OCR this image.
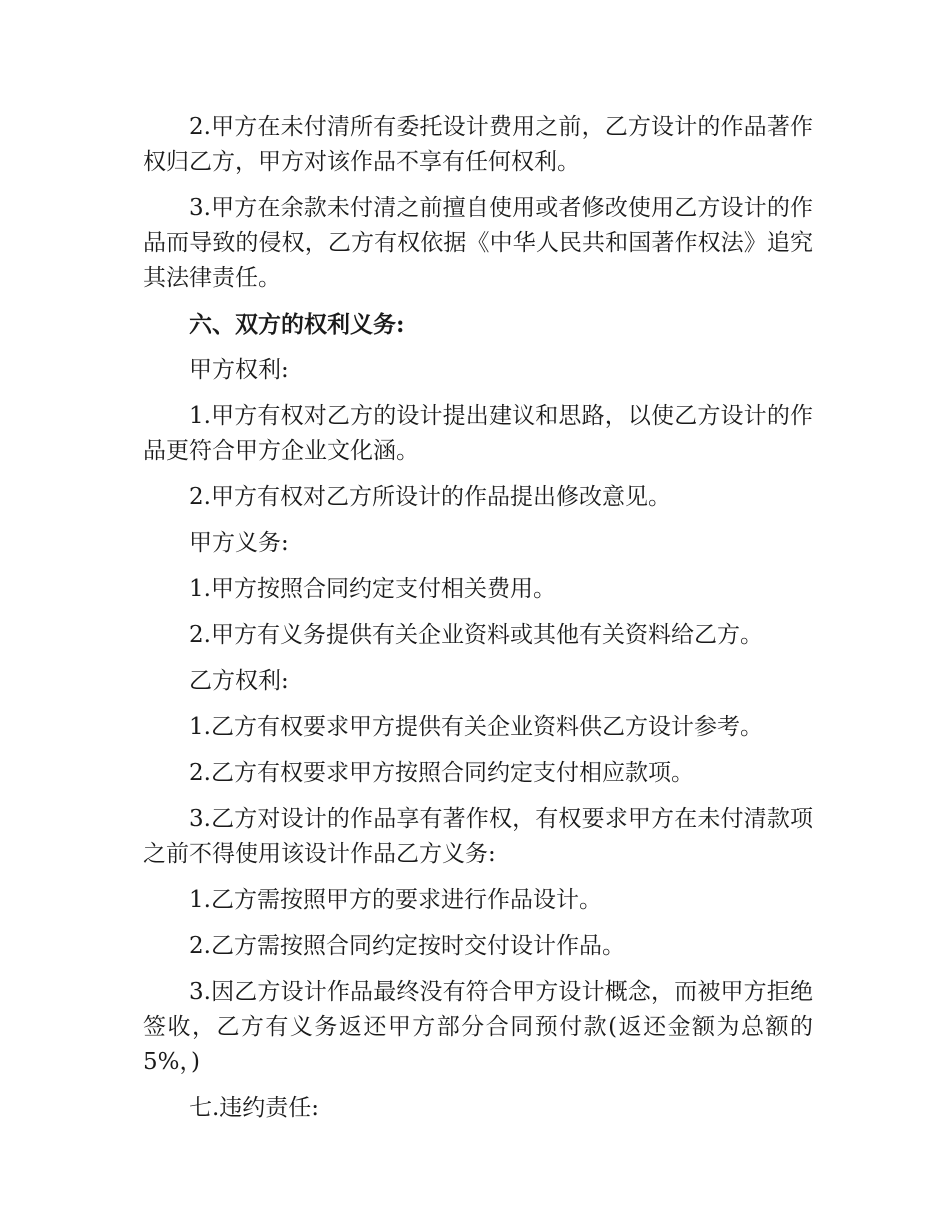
2.甲方在未付清所有委托设计费用之前，乙方设计的作品著作权归乙方，甲方对该作品不享有任何权利。

3.甲方在余款未付清之前擅自使用或者修改使用乙方设计的作品而导致的侵权，乙方有权依据《中华人民共和国著作权法》追究其法律责任。

六、双方的权利义务:

甲方权利:

1.甲方有权对乙方的设计提出建议和思路，以使乙方设计的作品更符合甲方企业文化涵。

2.甲方有权对乙方所设计的作品提出修改意见。

甲方义务:

1.甲方按照合同约定支付相关费用。

2.甲方有义务提供有关企业资料或其他有关资料给乙方。

乙方权利:

1.乙方有权要求甲方提供有关企业资料供乙方设计参考。

2.乙方有权要求甲方按照合同约定支付相应款项。

3.乙方对设计的作品享有著作权，有权要求甲方在未付清款项之前不得使用该设计作品乙方义务:

1.乙方需按照甲方的要求进行作品设计。

2.乙方需按照合同约定按时交付设计作品。

3.因乙方设计作品最终没有符合甲方设计概念，而被甲方拒绝签收，乙方有义务返还甲方部分合同预付款(返还金额为总额的5%，)

七.违约责任:
